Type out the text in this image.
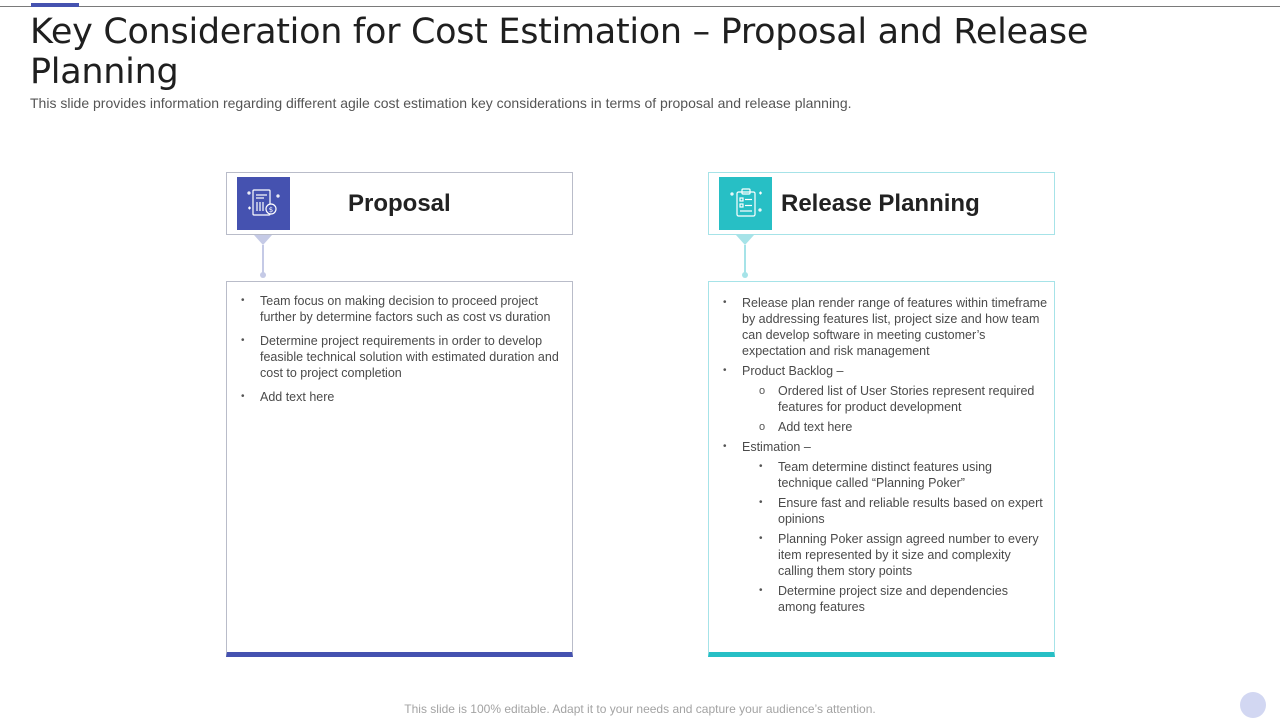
Key Consideration for Cost Estimation – Proposal and Release Planning

This slide provides information regarding different agile cost estimation key considerations in terms of proposal and release planning.

$	Proposal
• Team focus on making decision to proceed project further by determine factors such as cost vs duration
• Determine project requirements in order to develop feasible technical solution with estimated duration and cost to project completion
• Add text here
Release Planning
• Release plan render range of features within timeframe by addressing features list, project size and how team can develop software in meeting customer’s expectation and risk management
• Product Backlog –
o Ordered list of User Stories represent required features for product development
o Add text here
• Estimation –
• Team determine distinct features using technique called “Planning Poker”
• Ensure fast and reliable results based on expert opinions
• Planning Poker assign agreed number to every item represented by it size and complexity calling them story points
• Determine project size and dependencies among features
This slide is 100% editable. Adapt it to your needs and capture your audience’s attention.
